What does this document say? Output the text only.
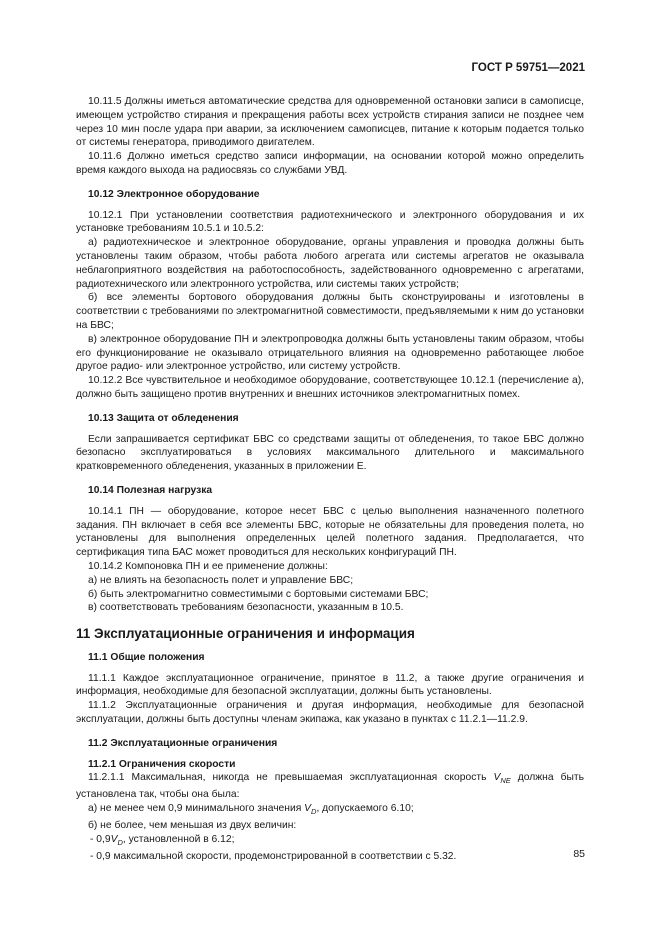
ГОСТ Р 59751—2021

10.11.5 Должны иметься автоматические средства для одновременной остановки записи в самописце, имеющем устройство стирания и прекращения работы всех устройств стирания записи не позднее чем через 10 мин после удара при аварии, за исключением самописцев, питание к которым подается только от системы генератора, приводимого двигателем.

10.11.6 Должно иметься средство записи информации, на основании которой можно определить время каждого выхода на радиосвязь со службами УВД.

10.12 Электронное оборудование

10.12.1 При установлении соответствия радиотехнического и электронного оборудования и их установке требованиям 10.5.1 и 10.5.2:

а) радиотехническое и электронное оборудование, органы управления и проводка должны быть установлены таким образом, чтобы работа любого агрегата или системы агрегатов не оказывала неблагоприятного воздействия на работоспособность, задействованного одновременно с агрегатами, радиотехнического или электронного устройства, или системы таких устройств;

б) все элементы бортового оборудования должны быть сконструированы и изготовлены в соответствии с требованиями по электромагнитной совместимости, предъявляемыми к ним до установки на БВС;

в) электронное оборудование ПН и электропроводка должны быть установлены таким образом, чтобы его функционирование не оказывало отрицательного влияния на одновременно работающее любое другое радио- или электронное устройство, или систему устройств.

10.12.2 Все чувствительное и необходимое оборудование, соответствующее 10.12.1 (перечисление а), должно быть защищено против внутренних и внешних источников электромагнитных помех.

10.13 Защита от обледенения

Если запрашивается сертификат БВС со средствами защиты от обледенения, то такое БВС должно безопасно эксплуатироваться в условиях максимального длительного и максимального кратковременного обледенения, указанных в приложении Е.

10.14 Полезная нагрузка

10.14.1 ПН — оборудование, которое несет БВС с целью выполнения назначенного полетного задания. ПН включает в себя все элементы БВС, которые не обязательны для проведения полета, но установлены для выполнения определенных целей полетного задания. Предполагается, что сертификация типа БАС может проводиться для нескольких конфигураций ПН.

10.14.2 Компоновка ПН и ее применение должны:

а) не влиять на безопасность полет и управление БВС;

б) быть электромагнитно совместимыми с бортовыми системами БВС;

в) соответствовать требованиям безопасности, указанным в 10.5.

11 Эксплуатационные ограничения и информация
11.1 Общие положения

11.1.1 Каждое эксплуатационное ограничение, принятое в 11.2, а также другие ограничения и информация, необходимые для безопасной эксплуатации, должны быть установлены.

11.1.2 Эксплуатационные ограничения и другая информация, необходимые для безопасной эксплуатации, должны быть доступны членам экипажа, как указано в пунктах с 11.2.1—11.2.9.

11.2 Эксплуатационные ограничения
11.2.1 Ограничения скорости

11.2.1.1 Максимальная, никогда не превышаемая эксплуатационная скорость $V_{NE}$ должна быть установлена так, чтобы она была:

а) не менее чем 0,9 минимального значения $V_D$, допускаемого 6.10;

б) не более, чем меньшая из двух величин:

- $0,9V_D$, установленной в 6.12;

- 0,9 максимальной скорости, продемонстрированной в соответствии с 5.32.	85
